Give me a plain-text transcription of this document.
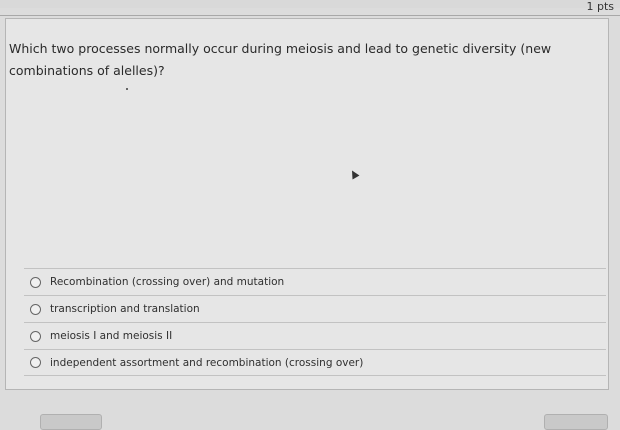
1 pts
Which two processes normally occur during meiosis and lead to genetic diversity (new combinations of alelles)?
Recombination (crossing over) and mutation
transcription and translation
meiosis I and meiosis II
independent assortment and recombination (crossing over)
